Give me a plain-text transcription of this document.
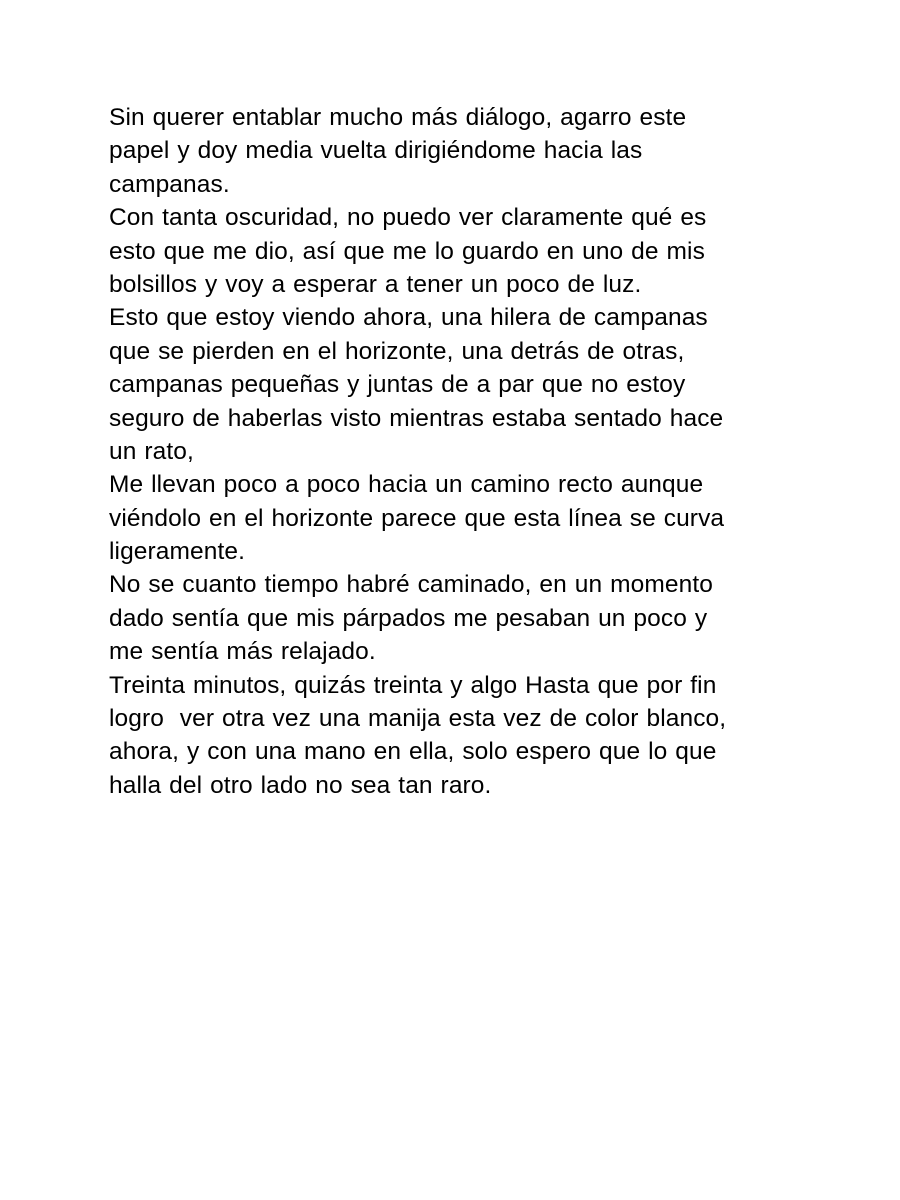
Sin querer entablar mucho más diálogo, agarro este
papel y doy media vuelta dirigiéndome hacia las
campanas.
Con tanta oscuridad, no puedo ver claramente qué es
esto que me dio, así que me lo guardo en uno de mis
bolsillos y voy a esperar a tener un poco de luz.
Esto que estoy viendo ahora, una hilera de campanas
que se pierden en el horizonte, una detrás de otras,
campanas pequeñas y juntas de a par que no estoy
seguro de haberlas visto mientras estaba sentado hace
un rato,
Me llevan poco a poco hacia un camino recto aunque
viéndolo en el horizonte parece que esta línea se curva
ligeramente.
No se cuanto tiempo habré caminado, en un momento
dado sentía que mis párpados me pesaban un poco y
me sentía más relajado.
Treinta minutos, quizás treinta y algo Hasta que por fin
logro  ver otra vez una manija esta vez de color blanco,
ahora, y con una mano en ella, solo espero que lo que
halla del otro lado no sea tan raro.
